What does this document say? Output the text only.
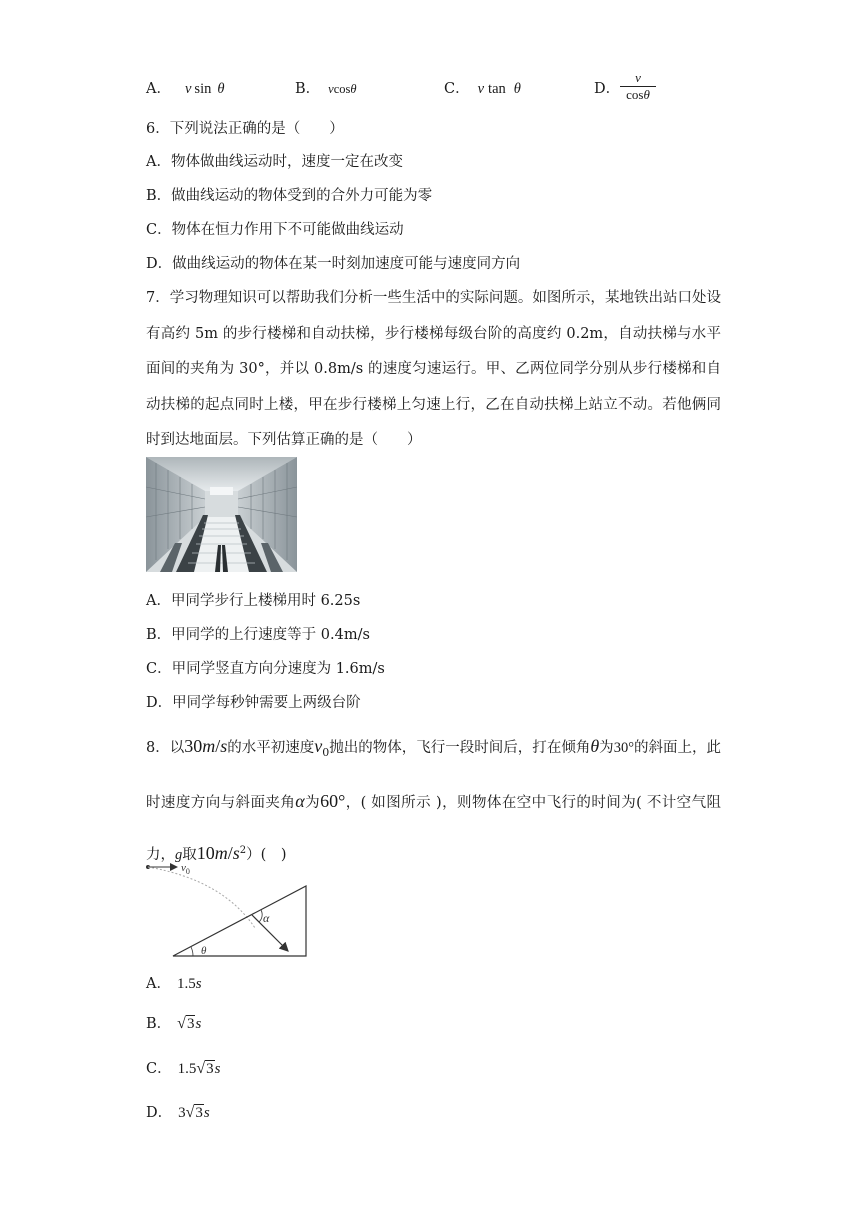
A． v sin θ	B． vcosθ	C． v tan θ	D．
v
cosθ
6．下列说法正确的是（　　）
A．物体做曲线运动时，速度一定在改变
B．做曲线运动的物体受到的合外力可能为零
C．物体在恒力作用下不可能做曲线运动
D．做曲线运动的物体在某一时刻加速度可能与速度同方向
7．学习物理知识可以帮助我们分析一些生活中的实际问题。如图所示，某地铁出站口处设有高约 5m 的步行楼梯和自动扶梯，步行楼梯每级台阶的高度约 0.2m，自动扶梯与水平面间的夹角为 30°，并以 0.8m/s 的速度匀速运行。甲、乙两位同学分别从步行楼梯和自动扶梯的起点同时上楼，甲在步行楼梯上匀速上行，乙在自动扶梯上站立不动。若他俩同时到达地面层。下列估算正确的是（　　）
A．甲同学步行上楼梯用时 6.25s
B．甲同学的上行速度等于 0.4m/s
C．甲同学竖直方向分速度为 1.6m/s
D．甲同学每秒钟需要上两级台阶
8．以30m/s的水平初速度$v_0$抛出的物体，飞行一段时间后，打在倾角θ为30°的斜面上，此时速度方向与斜面夹角α为60°，( 如图所示 )，则物体在空中飞行的时间为( 不计空气阻力，g取$10m/s^2$）(　)
$v_0$
α
θ
A． 1.5s
B． √3s
C． 1.5√3s
D． 3√3s
